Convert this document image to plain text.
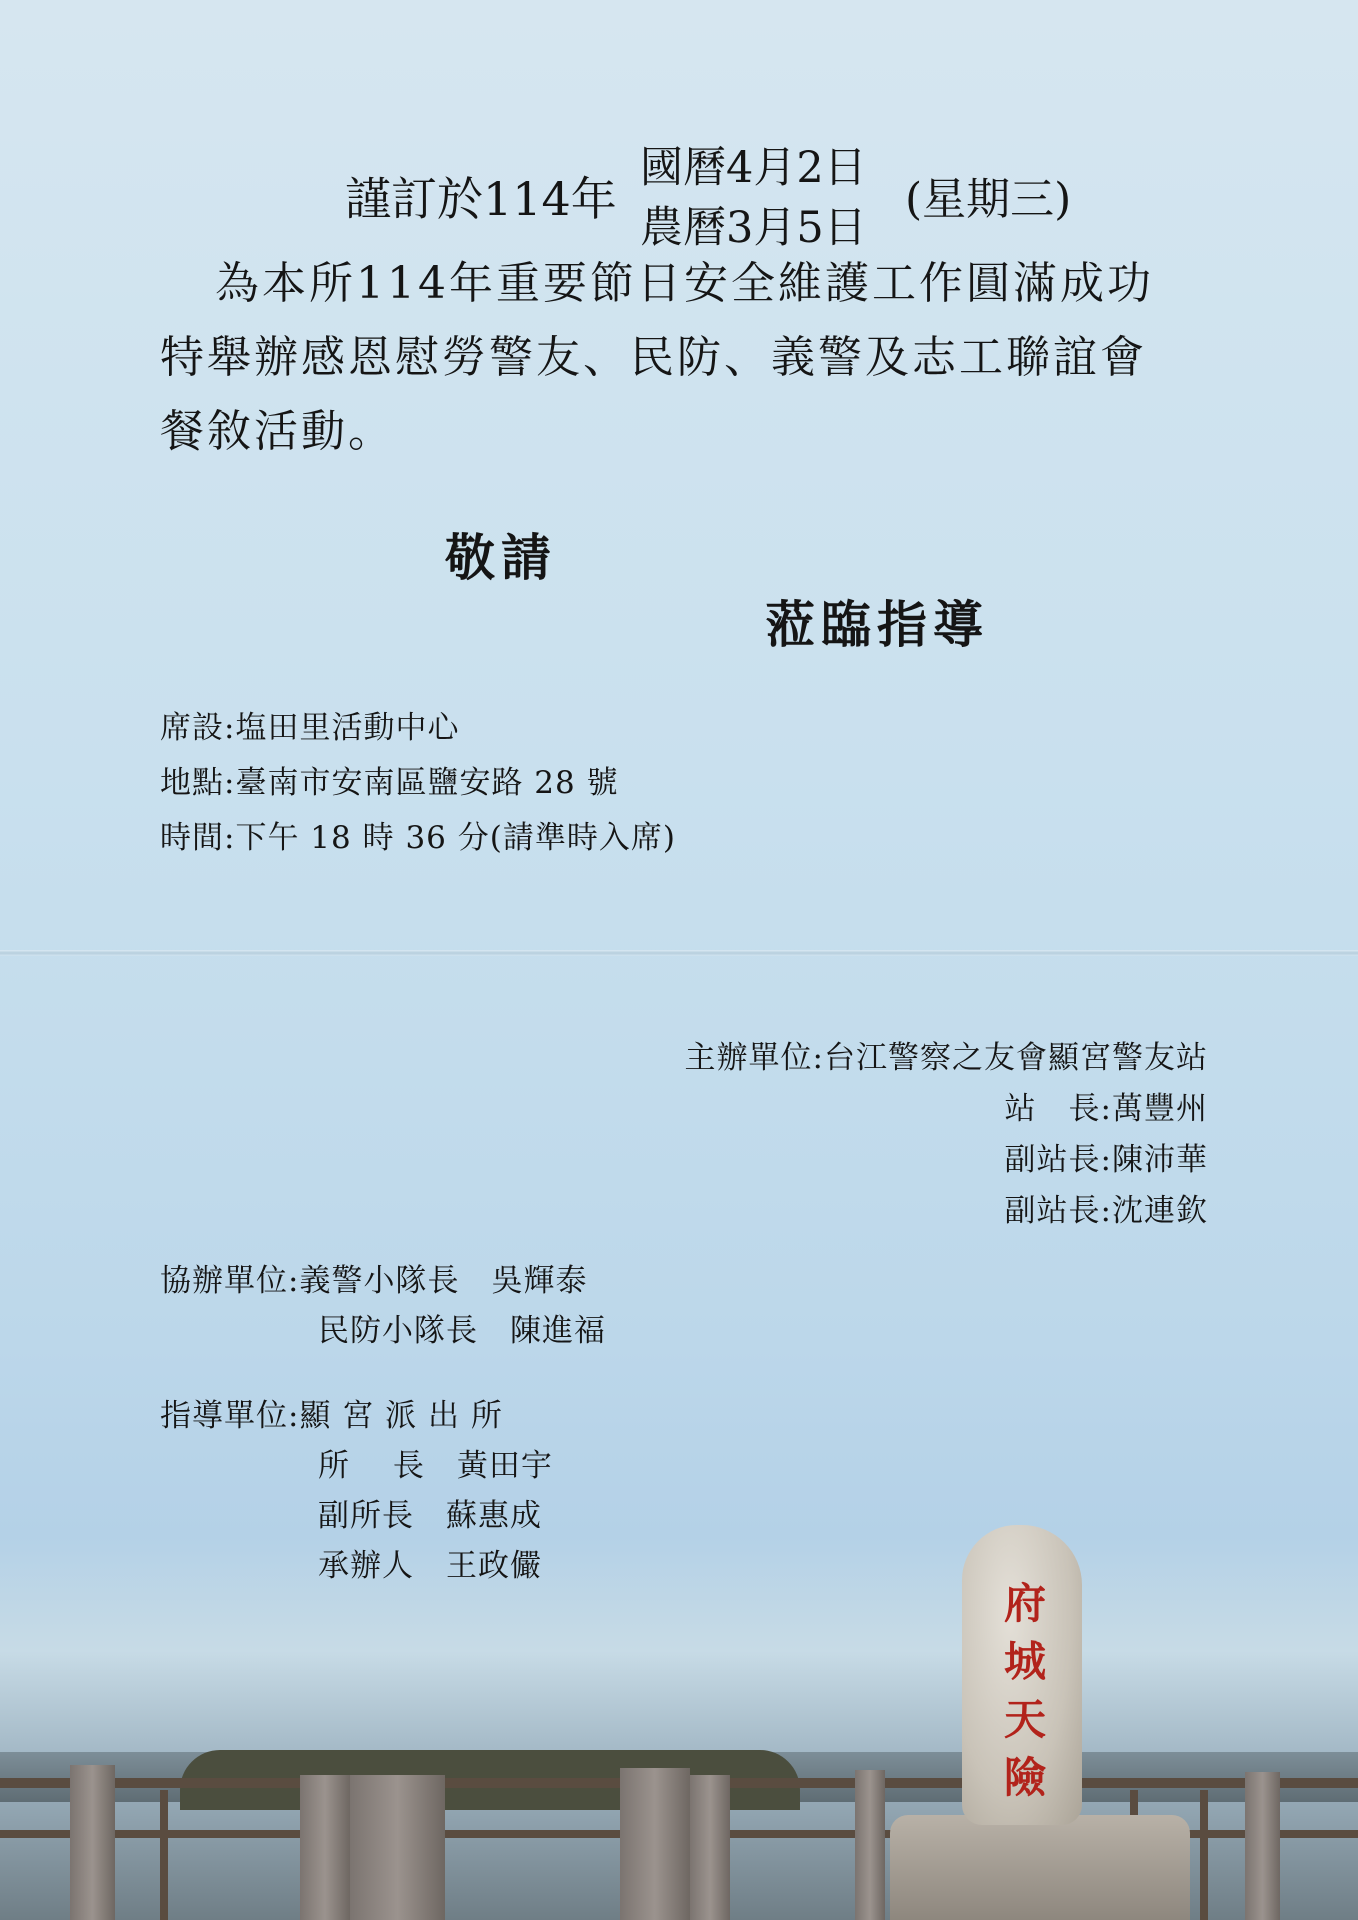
謹訂於114年
國曆4月2日
農曆3月5日
(星期三)
為本所114年重要節日安全維護工作圓滿成功
特舉辦感恩慰勞警友、民防、義警及志工聯誼會
餐敘活動。
敬請
蒞臨指導
席設:塩田里活動中心
地點:臺南市安南區鹽安路 28 號
時間:下午 18 時 36 分(請準時入席)
主辦單位:台江警察之友會顯宮警友站
站　長:萬豐州
副站長:陳沛華
副站長:沈連欽
協辦單位:義警小隊長　吳輝泰
民防小隊長　陳進福
指導單位:顯 宮 派 出 所
所　 長　黃田宇
副所長　蘇惠成
承辦人　王政儼
府城天險
